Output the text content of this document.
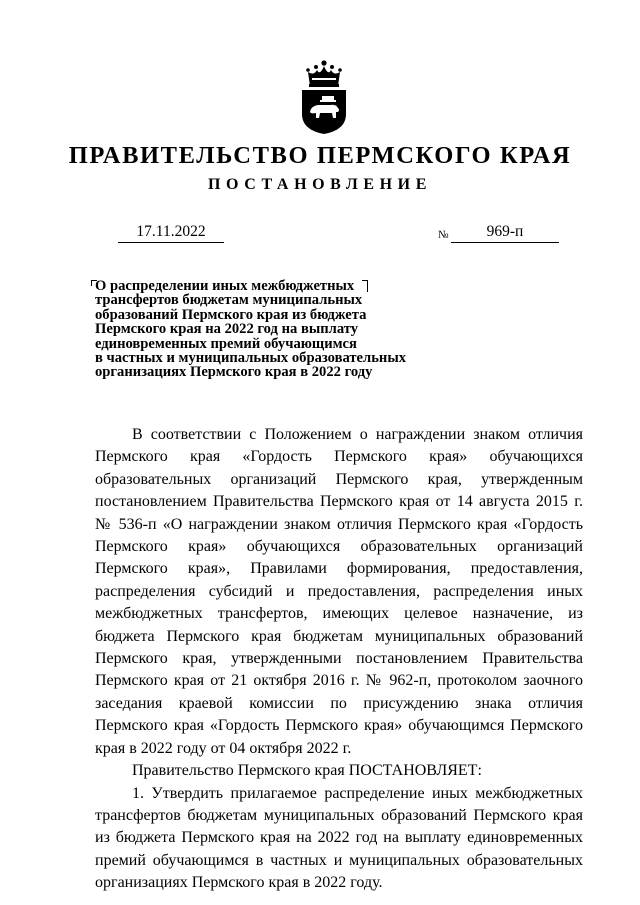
ПРАВИТЕЛЬСТВО ПЕРМСКОГО КРАЯ
ПОСТАНОВЛЕНИЕ
17.11.2022	№	969-п
О распределении иных межбюджетных
трансфертов бюджетам муниципальных
образований Пермского края из бюджета
Пермского края на 2022 год на выплату
единовременных премий обучающимся
в частных и муниципальных образовательных
организациях Пермского края в 2022 году

В соответствии с Положением о награждении знаком отличия Пермского края «Гордость Пермского края» обучающихся образовательных организаций Пермского края, утвержденным постановлением Правительства Пермского края от 14 августа 2015 г. № 536-п «О награждении знаком отличия Пермского края «Гордость Пермского края» обучающихся образовательных организаций Пермского края», Правилами формирования, предоставления, распределения субсидий и предоставления, распределения иных межбюджетных трансфертов, имеющих целевое назначение, из бюджета Пермского края бюджетам муниципальных образований Пермского края, утвержденными постановлением Правительства Пермского края от 21 октября 2016 г. № 962-п, протоколом заочного заседания краевой комиссии по присуждению знака отличия Пермского края «Гордость Пермского края» обучающимся Пермского края в 2022 году от 04 октября 2022 г.

Правительство Пермского края ПОСТАНОВЛЯЕТ:

1. Утвердить прилагаемое распределение иных межбюджетных трансфертов бюджетам муниципальных образований Пермского края из бюджета Пермского края на 2022 год на выплату единовременных премий обучающимся в частных и муниципальных образовательных организациях Пермского края в 2022 году.
